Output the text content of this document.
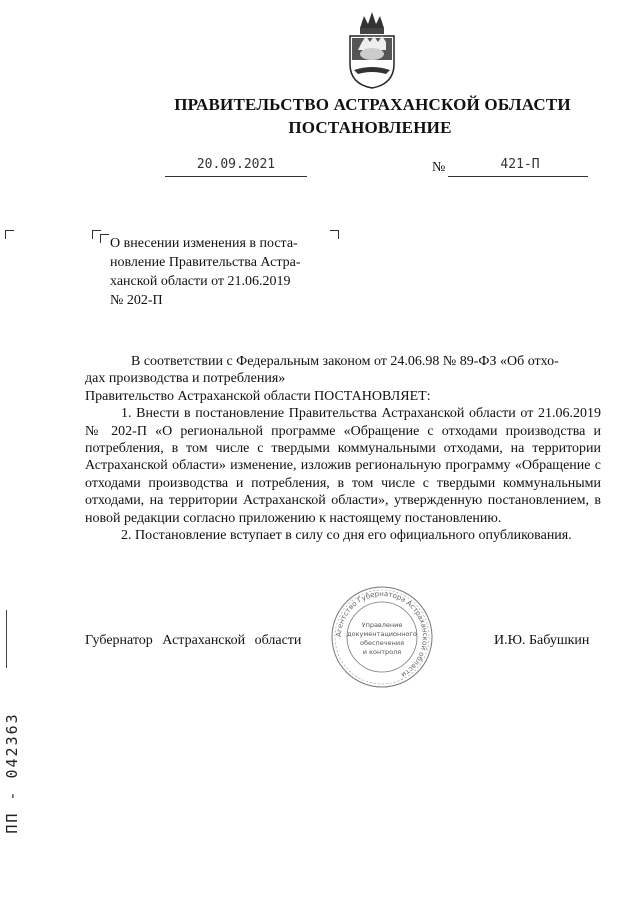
ПРАВИТЕЛЬСТВО АСТРАХАНСКОЙ ОБЛАСТИ
ПОСТАНОВЛЕНИЕ
20.09.2021	№	421-П
О внесении изменения в поста-
новление Правительства Астра-
ханской области от 21.06.2019
№ 202-П

В соответствии с Федеральным законом от 24.06.98 № 89-ФЗ «Об отхо-

дах производства и потребления»

Правительство Астраханской области ПОСТАНОВЛЯЕТ:

1. Внести в постановление Правительства Астраханской области от 21.06.2019 № 202-П «О региональной программе «Обращение с отходами производства и потребления, в том числе с твердыми коммунальными отходами, на территории Астраханской области» изменение, изложив региональную программу «Обращение с отходами производства и потребления, в том числе с твердыми коммунальными отходами, на территории Астраханской области», утвержденную постановлением, в новой редакции согласно приложению к настоящему постановлению.

2. Постановление вступает в силу со дня его официального опубликования.

Губернатор Астраханской области	И.Ю. Бабушкин
Агентство Губернатора Астраханской области
Управление
документационного
обеспечения
и контроля
ПП - 042363
